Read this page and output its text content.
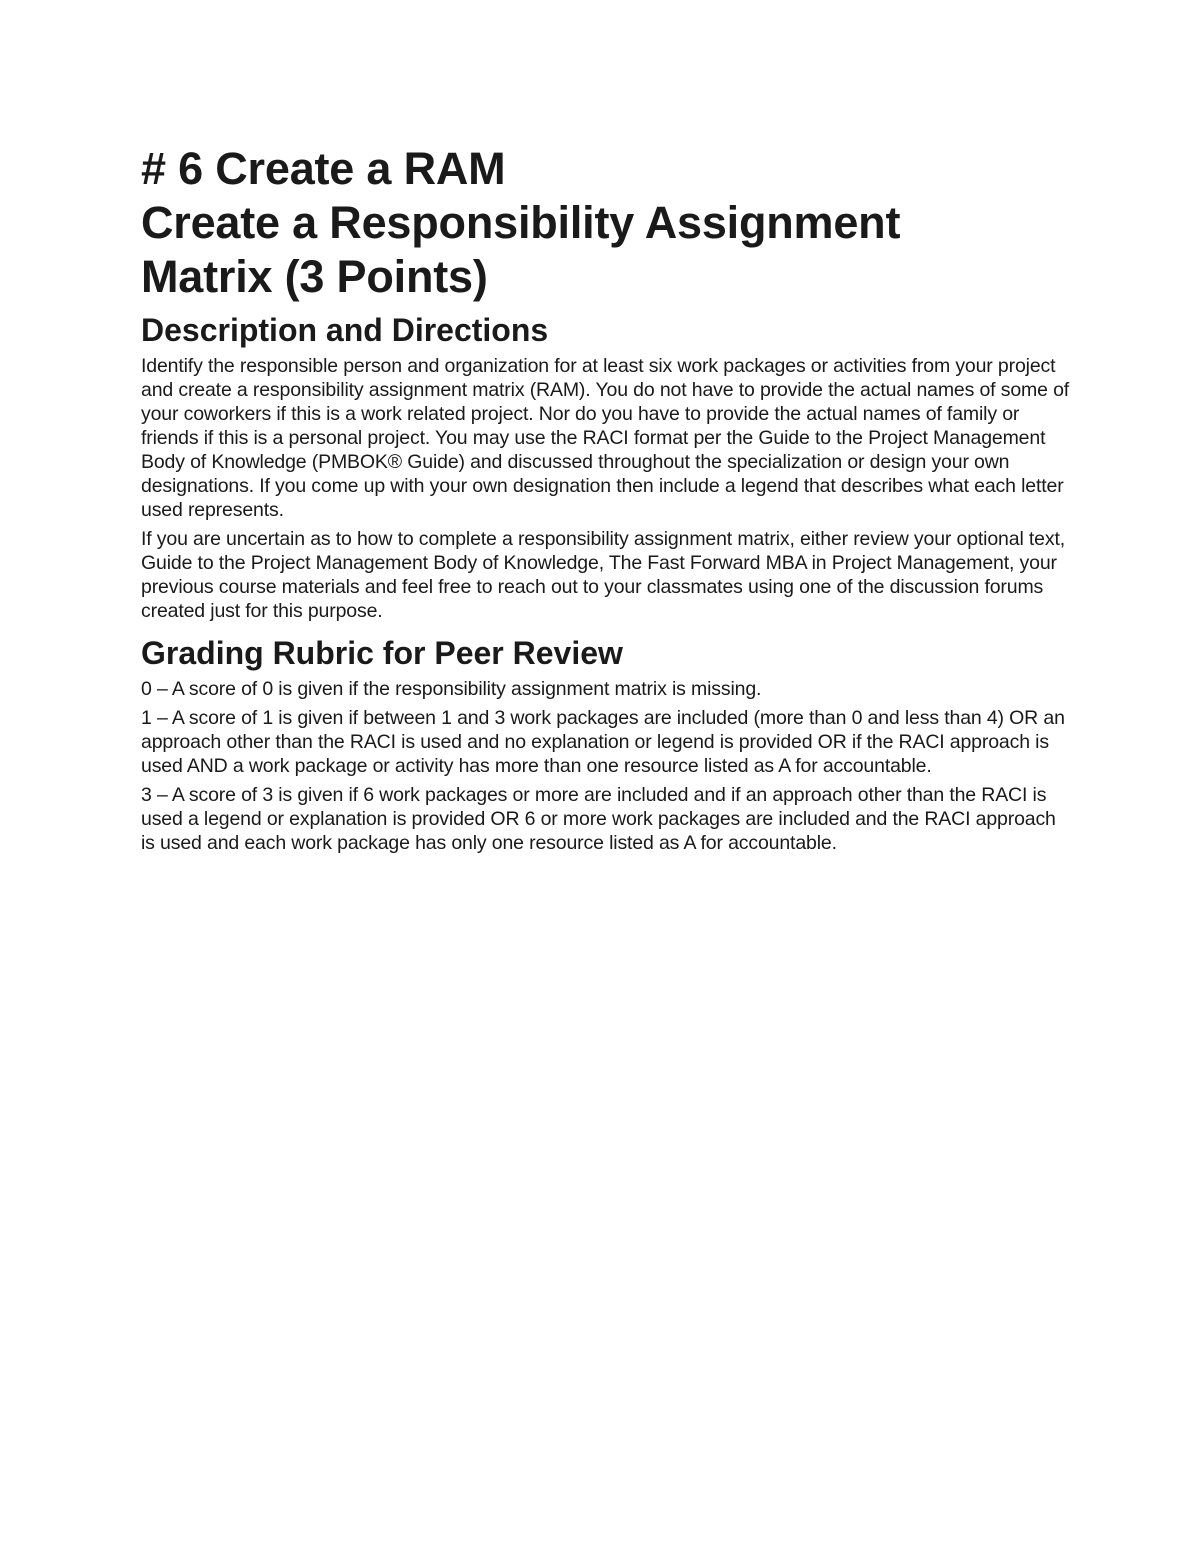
# 6 Create a RAM
Create a Responsibility Assignment
Matrix (3 Points)
Description and Directions

Identify the responsible person and organization for at least six work packages or activities from your project and create a responsibility assignment matrix (RAM). You do not have to provide the actual names of some of your coworkers if this is a work related project. Nor do you have to provide the actual names of family or friends if this is a personal project. You may use the RACI format per the Guide to the Project Management Body of Knowledge (PMBOK® Guide) and discussed throughout the specialization or design your own designations. If you come up with your own designation then include a legend that describes what each letter used represents.

If you are uncertain as to how to complete a responsibility assignment matrix, either review your optional text, Guide to the Project Management Body of Knowledge, The Fast Forward MBA in Project Management, your previous course materials and feel free to reach out to your classmates using one of the discussion forums created just for this purpose.

Grading Rubric for Peer Review

0 – A score of 0 is given if the responsibility assignment matrix is missing.

1 – A score of 1 is given if between 1 and 3 work packages are included (more than 0 and less than 4) OR an approach other than the RACI is used and no explanation or legend is provided OR if the RACI approach is used AND a work package or activity has more than one resource listed as A for accountable.

3 – A score of 3 is given if 6 work packages or more are included and if an approach other than the RACI is used a legend or explanation is provided OR 6 or more work packages are included and the RACI approach is used and each work package has only one resource listed as A for accountable.
